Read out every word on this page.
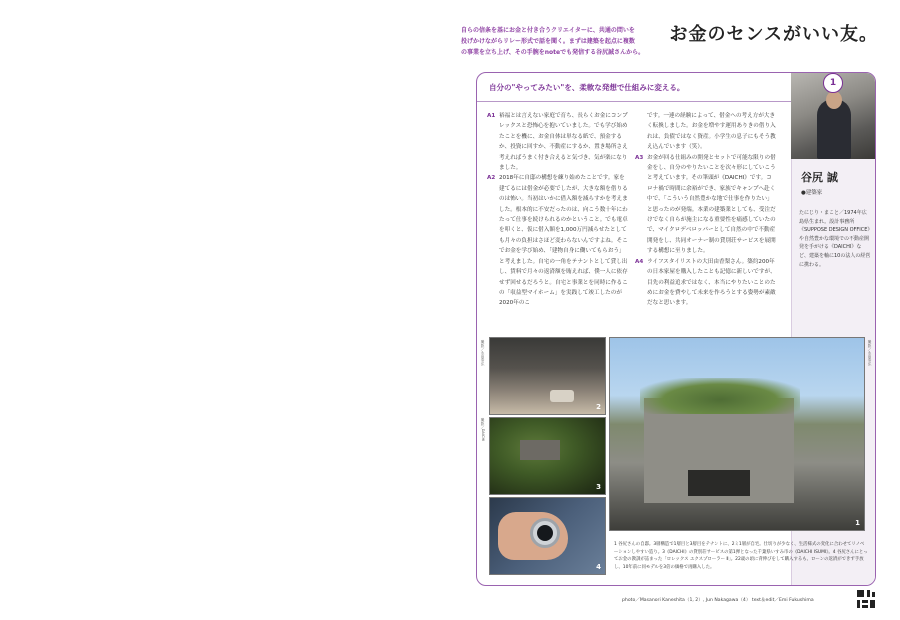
自らの信条を基にお金と付き合うクリエイターに、共通の問いを
投げかけながらリレー形式で話を聞く。まずは建築を起点に複数
の事業を立ち上げ、その手腕をnoteでも発信する谷尻誠さんから。
お金のセンスがいい友。
自分の"やってみたい"を、柔軟な発想で仕組みに変える。
A1 裕福とは言えない家庭で育ち、長らくお金にコンプレックスと恐怖心を抱いていました。でも学び始めたことを機に、お金自体は単なる紙で、預金するか、投資に回すか、不動産にするか、置き場所さえ考えればうまく付き合えると気づき、気が楽になりました。
A2 2018年に自邸の構想を練り始めたことです。家を建てるには借金が必要でしたが、大きな額を借りるのは怖い。当初はいかに借入額を減らすかを考えました。根本的に不安だったのは、向こう数十年にわたって仕事を続けられるのかということ。でも電卓を叩くと、仮に借入額を1,000万円減らせたとしても月々の負担はさほど変わらないんですよね。そこでお金を学び始め、「建物自身に働いてもらおう」と考えました。自宅の一角をテナントとして貸し出し、賃料で月々の返済額を賄えれば、僕一人に依存せず回せるだろうと。自宅と事業とを同時に作るこの「収益型マイホーム」を実践して竣工したのが2020年のこ
です。一連の経験によって、借金への考え方が大きく転換しました。お金を増やす運用ありきの借り入れは、負債ではなく資産。小学生の息子にもそう教え込んでいます（笑）。
A3 お金が回る仕組みの開発とセットで可能な限りの借金をし、自分のやりたいことを次々形にしていこうと考えています。その筆頭が《DAICHI》です。コロナ禍で時間に余裕ができ、家族でキャンプへ赴く中で、「こういう自然豊かな地で仕事を作りたい」と思ったのが発端。本業の建築業としても、受注だけでなく自らが施主になる重要性を痛感していたので、マイクロデベロッパーとして自然の中で不動産開発をし、共同オーナー制の貸別荘サービスを展開する構想に至りました。
A4 ライフスタイリストの大田由香梨さん。築約200年の日本家屋を購入したことも記憶に新しいですが、目先の利益追求ではなく、本当にやりたいことのためにお金を費やして未来を作ろうとする姿勢が素敵だなと思います。
1
谷尻 誠
●建築家
たにじり・まこと／1974年広島県生まれ。設計事務所《SUPPOSE DESIGN OFFICE》や自然豊かな環境での不動産開発を手がける《DAICHI》など、建築を軸に10の法人の経営に携わる。
撮影／永田泰弘
撮影／DAICHI
撮影／永田泰弘
2
3
4
1
1 谷尻さんの自邸。3層構造で1層目と3層目をテナントに、2ミ1層が自宅。仕切りが少なく、生活様式の変化に合わせてリノベーションしやすい造り。3《DAICHI》の貸別荘サービスの第1弾となった千葉県いすみ市の《DAICHI ISUMI》。4 谷尻さんにとってお金の教訓が詰まった「ロレックス エクスプローラー Ⅱ」。22歳の頃に背伸びをして購入するも、ローンの返済ができず手放し、10年前に同モデルを3倍の価格で再購入した。
photo／Masanori Kaneshita（1, 2）, Jun Nakagawa（4） text＆edit／Emi Fukushima
